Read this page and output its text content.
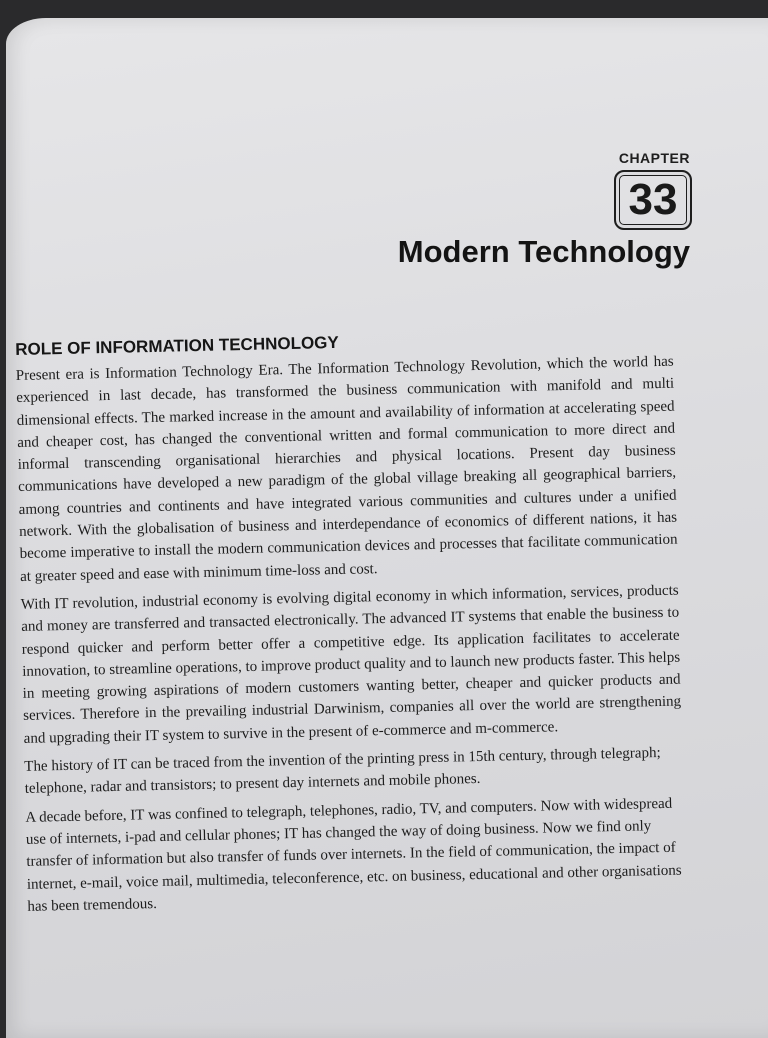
CHAPTER
33
Modern Technology
ROLE OF INFORMATION TECHNOLOGY

Present era is Information Technology Era. The Information Technology Revolution, which the world has experienced in last decade, has transformed the business communication with manifold and multi dimensional effects. The marked increase in the amount and availability of information at accelerating speed and cheaper cost, has changed the conventional written and formal communication to more direct and informal transcending organisational hierarchies and physical locations. Present day business communications have developed a new paradigm of the global village breaking all geographical barriers, among countries and continents and have integrated various communities and cultures under a unified network. With the globalisation of business and interdependance of economics of different nations, it has become imperative to install the modern communication devices and processes that facilitate communication at greater speed and ease with minimum time-loss and cost.

With IT revolution, industrial economy is evolving digital economy in which information, services, products and money are transferred and transacted electronically. The advanced IT systems that enable the business to respond quicker and perform better offer a competitive edge. Its application facilitates to accelerate innovation, to streamline operations, to improve product quality and to launch new products faster. This helps in meeting growing aspirations of modern customers wanting better, cheaper and quicker products and services. Therefore in the prevailing industrial Darwinism, companies all over the world are strengthening and upgrading their IT system to survive in the present of e-commerce and m-commerce.

The history of IT can be traced from the invention of the printing press in 15th century, through telegraph; telephone, radar and transistors; to present day internets and mobile phones.

A decade before, IT was confined to telegraph, telephones, radio, TV, and computers. Now with widespread use of internets, i-pad and cellular phones; IT has changed the way of doing business. Now we find only transfer of information but also transfer of funds over internets. In the field of communication, the impact of internet, e-mail, voice mail, multimedia, teleconference, etc. on business, educational and other organisations has been tremendous.
